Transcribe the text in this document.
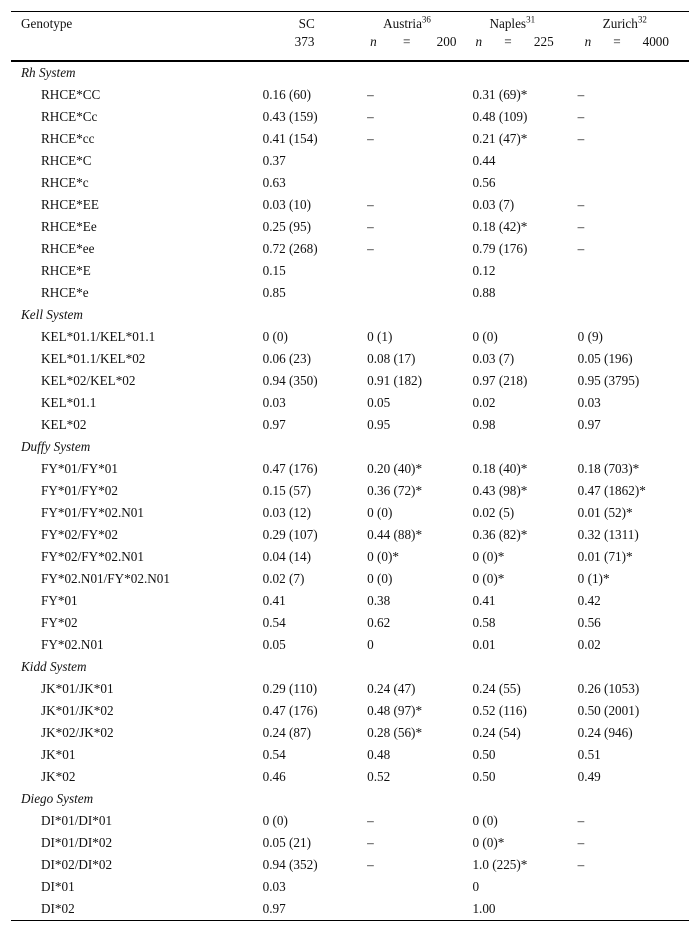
Genotype	SC	Austria$^{36}$	Naples$^{31}$	Zurich$^{32}$

	373	n = 200	n = 225	n = 4000

Rh System				
RHCE*CC	0.16 (60)	–	0.31 (69)*	–
RHCE*Cc	0.43 (159)	–	0.48 (109)	–
RHCE*cc	0.41 (154)	–	0.21 (47)*	–
RHCE*C	0.37		0.44	
RHCE*c	0.63		0.56	
RHCE*EE	0.03 (10)	–	0.03 (7)	–
RHCE*Ee	0.25 (95)	–	0.18 (42)*	–
RHCE*ee	0.72 (268)	–	0.79 (176)	–
RHCE*E	0.15		0.12	
RHCE*e	0.85		0.88	
Kell System				
KEL*01.1/KEL*01.1	0 (0)	0 (1)	0 (0)	0 (9)
KEL*01.1/KEL*02	0.06 (23)	0.08 (17)	0.03 (7)	0.05 (196)
KEL*02/KEL*02	0.94 (350)	0.91 (182)	0.97 (218)	0.95 (3795)
KEL*01.1	0.03	0.05	0.02	0.03
KEL*02	0.97	0.95	0.98	0.97
Duffy System				
FY*01/FY*01	0.47 (176)	0.20 (40)*	0.18 (40)*	0.18 (703)*
FY*01/FY*02	0.15 (57)	0.36 (72)*	0.43 (98)*	0.47 (1862)*
FY*01/FY*02.N01	0.03 (12)	0 (0)	0.02 (5)	0.01 (52)*
FY*02/FY*02	0.29 (107)	0.44 (88)*	0.36 (82)*	0.32 (1311)
FY*02/FY*02.N01	0.04 (14)	0 (0)*	0 (0)*	0.01 (71)*
FY*02.N01/FY*02.N01	0.02 (7)	0 (0)	0 (0)*	0 (1)*
FY*01	0.41	0.38	0.41	0.42
FY*02	0.54	0.62	0.58	0.56
FY*02.N01	0.05	0	0.01	0.02
Kidd System				
JK*01/JK*01	0.29 (110)	0.24 (47)	0.24 (55)	0.26 (1053)
JK*01/JK*02	0.47 (176)	0.48 (97)*	0.52 (116)	0.50 (2001)
JK*02/JK*02	0.24 (87)	0.28 (56)*	0.24 (54)	0.24 (946)
JK*01	0.54	0.48	0.50	0.51
JK*02	0.46	0.52	0.50	0.49
Diego System				
DI*01/DI*01	0 (0)	–	0 (0)	–
DI*01/DI*02	0.05 (21)	–	0 (0)*	–
DI*02/DI*02	0.94 (352)	–	1.0 (225)*	–
DI*01	0.03		0	
DI*02	0.97		1.00	
